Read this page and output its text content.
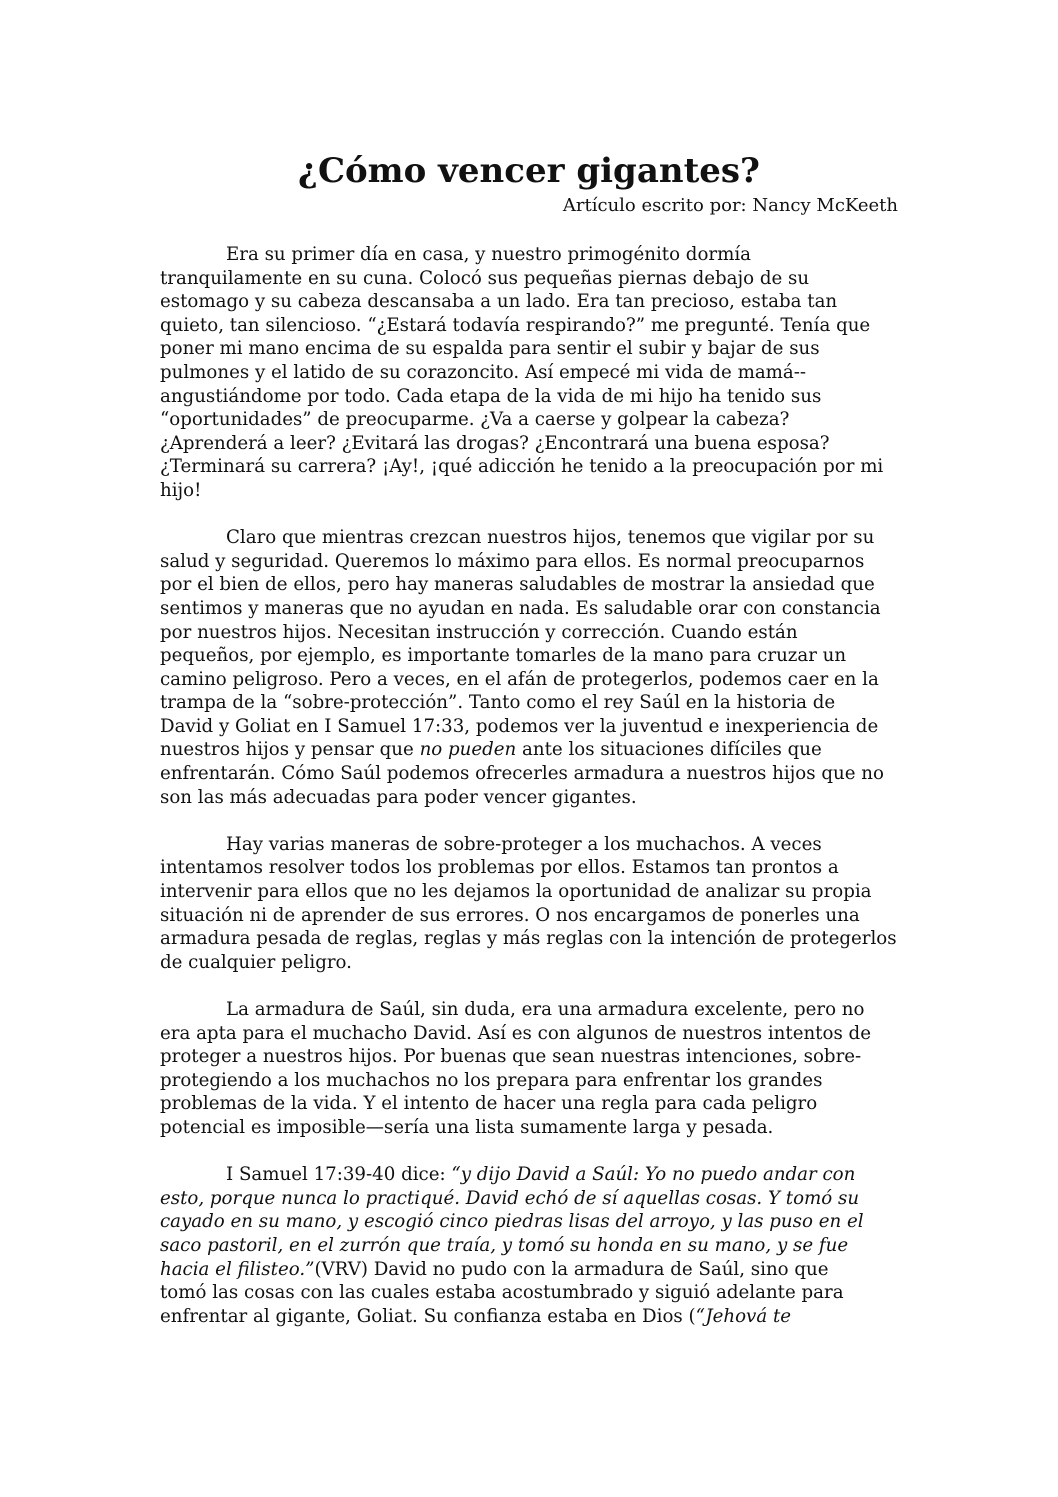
¿Cómo vencer gigantes?

Artículo escrito por: Nancy McKeeth

Era su primer día en casa, y nuestro primogénito dormía
tranquilamente en su cuna. Colocó sus pequeñas piernas debajo de su
estomago y su cabeza descansaba a un lado. Era tan precioso, estaba tan
quieto, tan silencioso. “¿Estará todavía respirando?” me pregunté. Tenía que
poner mi mano encima de su espalda para sentir el subir y bajar de sus
pulmones y el latido de su corazoncito. Así empecé mi vida de mamá--
angustiándome por todo. Cada etapa de la vida de mi hijo ha tenido sus
“oportunidades” de preocuparme. ¿Va a caerse y golpear la cabeza?
¿Aprenderá a leer? ¿Evitará las drogas? ¿Encontrará una buena esposa?
¿Terminará su carrera? ¡Ay!, ¡qué adicción he tenido a la preocupación por mi
hijo!
Claro que mientras crezcan nuestros hijos, tenemos que vigilar por su
salud y seguridad. Queremos lo máximo para ellos. Es normal preocuparnos
por el bien de ellos, pero hay maneras saludables de mostrar la ansiedad que
sentimos y maneras que no ayudan en nada. Es saludable orar con constancia
por nuestros hijos. Necesitan instrucción y corrección. Cuando están
pequeños, por ejemplo, es importante tomarles de la mano para cruzar un
camino peligroso. Pero a veces, en el afán de protegerlos, podemos caer en la
trampa de la “sobre-protección”. Tanto como el rey Saúl en la historia de
David y Goliat en I Samuel 17:33, podemos ver la juventud e inexperiencia de
nuestros hijos y pensar que no pueden ante los situaciones difíciles que
enfrentarán. Cómo Saúl podemos ofrecerles armadura a nuestros hijos que no
son las más adecuadas para poder vencer gigantes.
Hay varias maneras de sobre-proteger a los muchachos. A veces
intentamos resolver todos los problemas por ellos. Estamos tan prontos a
intervenir para ellos que no les dejamos la oportunidad de analizar su propia
situación ni de aprender de sus errores. O nos encargamos de ponerles una
armadura pesada de reglas, reglas y más reglas con la intención de protegerlos
de cualquier peligro.
La armadura de Saúl, sin duda, era una armadura excelente, pero no
era apta para el muchacho David. Así es con algunos de nuestros intentos de
proteger a nuestros hijos. Por buenas que sean nuestras intenciones, sobre-
protegiendo a los muchachos no los prepara para enfrentar los grandes
problemas de la vida. Y el intento de hacer una regla para cada peligro
potencial es imposible—sería una lista sumamente larga y pesada.
I Samuel 17:39-40 dice: “y dijo David a Saúl: Yo no puedo andar con
esto, porque nunca lo practiqué. David echó de sí aquellas cosas. Y tomó su
cayado en su mano, y escogió cinco piedras lisas del arroyo, y las puso en el
saco pastoril, en el zurrón que traía, y tomó su honda en su mano, y se fue
hacia el filisteo.”(VRV) David no pudo con la armadura de Saúl, sino que
tomó las cosas con las cuales estaba acostumbrado y siguió adelante para
enfrentar al gigante, Goliat. Su confianza estaba en Dios (“Jehová te
